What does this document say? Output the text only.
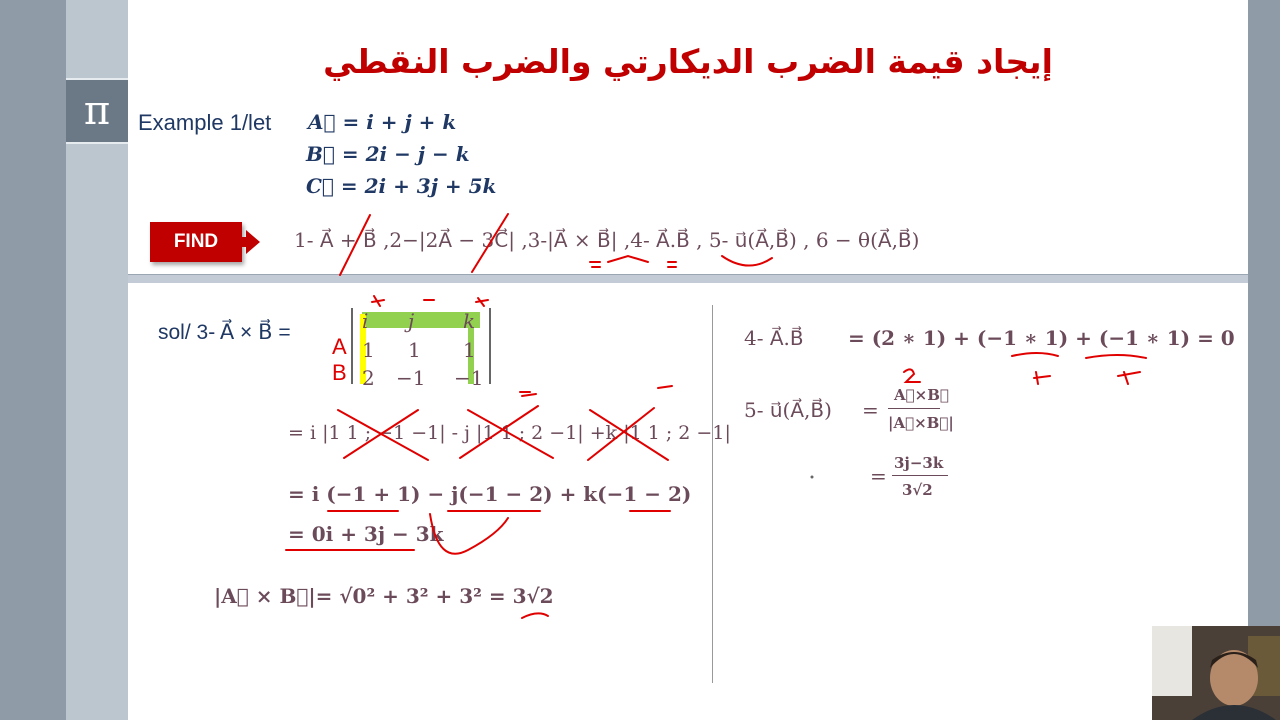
π
إيجاد قيمة الضرب الديكارتي والضرب النقطي
Example 1/let A⃗ = i + j + k
B⃗ = 2i − j − k
C⃗ = 2i + 3j + 5k
FIND	1- A⃗ + B⃗ ,2−|2A⃗ − 3C⃗| ,3-|A⃗ × B⃗| ,4- A⃗.B⃗ , 5- u⃗(A⃗,B⃗) , 6 − θ(A⃗,B⃗)
sol/ 3- A⃗ × B⃗ =	i j k
1 1 1
2 −1 −1
A
B
= i |1 1 ; −1 −1| - j |1 1 ; 2 −1| +k |1 1 ; 2 −1|
= i (−1 + 1) − j(−1 − 2) + k(−1 − 2)
= 0i + 3j − 3k
|A⃗ × B⃗|= √0² + 3² + 3² = 3√2
4- A⃗.B⃗ = (2 ∗ 1) + (−1 ∗ 1) + (−1 ∗ 1) = 0
5- u⃗(A⃗,B⃗) =
A⃗×B⃗
|A⃗×B⃗|
=
3j−3k
3√2
